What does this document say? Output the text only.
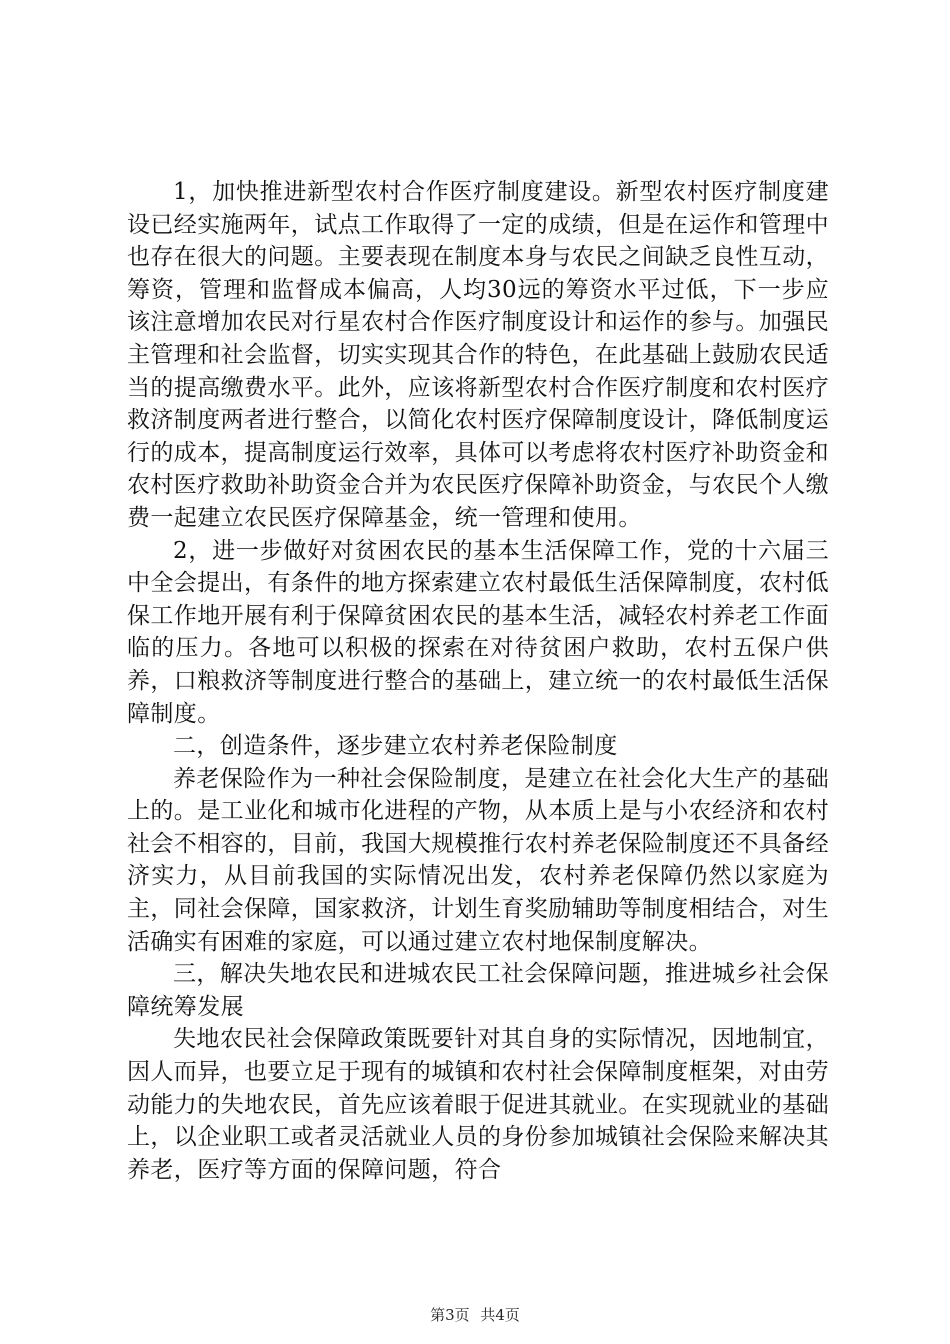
1，加快推进新型农村合作医疗制度建设。新型农村医疗制度建设已经实施两年，试点工作取得了一定的成绩，但是在运作和管理中也存在很大的问题。主要表现在制度本身与农民之间缺乏良性互动，筹资，管理和监督成本偏高，人均30远的筹资水平过低，下一步应该注意增加农民对行星农村合作医疗制度设计和运作的参与。加强民主管理和社会监督，切实实现其合作的特色，在此基础上鼓励农民适当的提高缴费水平。此外，应该将新型农村合作医疗制度和农村医疗救济制度两者进行整合，以简化农村医疗保障制度设计，降低制度运行的成本，提高制度运行效率，具体可以考虑将农村医疗补助资金和农村医疗救助补助资金合并为农民医疗保障补助资金，与农民个人缴费一起建立农民医疗保障基金，统一管理和使用。

2，进一步做好对贫困农民的基本生活保障工作，党的十六届三中全会提出，有条件的地方探索建立农村最低生活保障制度，农村低保工作地开展有利于保障贫困农民的基本生活，减轻农村养老工作面临的压力。各地可以积极的探索在对待贫困户救助，农村五保户供养，口粮救济等制度进行整合的基础上，建立统一的农村最低生活保障制度。

二，创造条件，逐步建立农村养老保险制度

养老保险作为一种社会保险制度，是建立在社会化大生产的基础上的。是工业化和城市化进程的产物，从本质上是与小农经济和农村社会不相容的，目前，我国大规模推行农村养老保险制度还不具备经济实力，从目前我国的实际情况出发，农村养老保障仍然以家庭为主，同社会保障，国家救济，计划生育奖励辅助等制度相结合，对生活确实有困难的家庭，可以通过建立农村地保制度解决。

三，解决失地农民和进城农民工社会保障问题，推进城乡社会保障统筹发展

失地农民社会保障政策既要针对其自身的实际情况，因地制宜，因人而异，也要立足于现有的城镇和农村社会保障制度框架，对由劳动能力的失地农民，首先应该着眼于促进其就业。在实现就业的基础上，以企业职工或者灵活就业人员的身份参加城镇社会保险来解决其养老，医疗等方面的保障问题，符合

第3页 共4页
